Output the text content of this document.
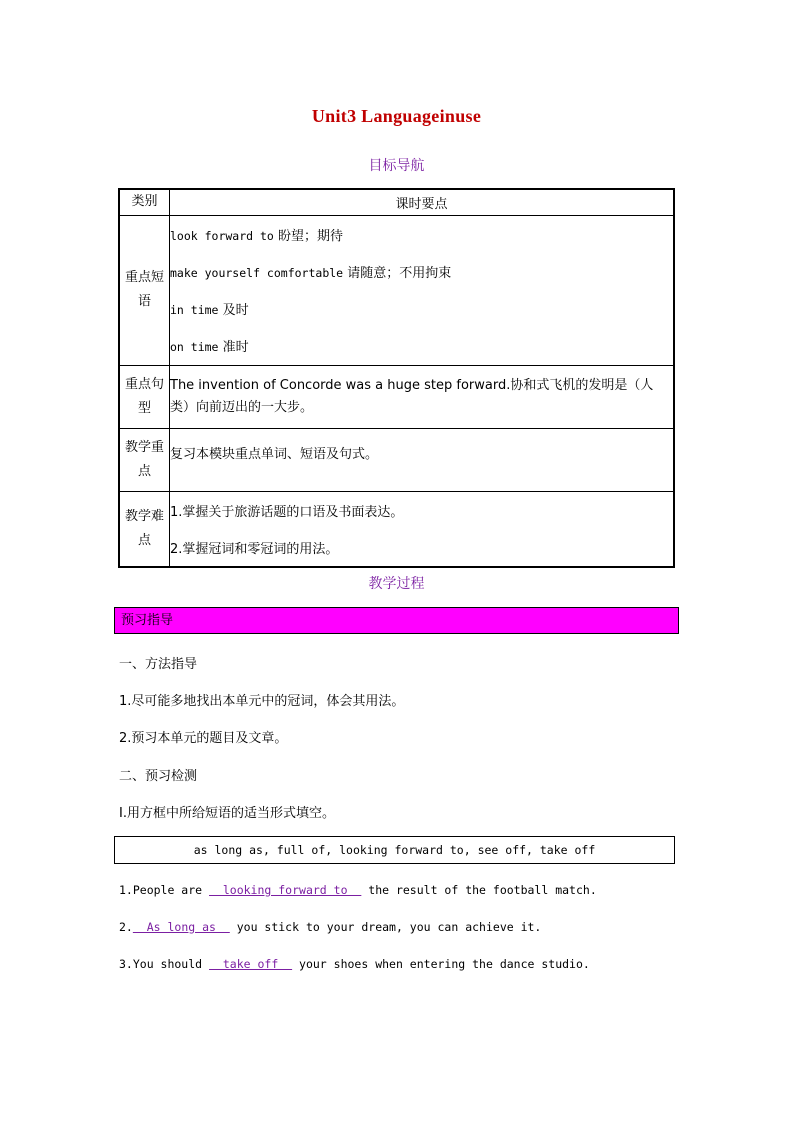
Unit3 Languageinuse
目标导航
类别	课时要点
重点短语	look forward to 盼望；期待
make yourself comfortable 请随意；不用拘束
in time 及时
on time 准时

重点句型	The invention of Concorde was a huge step forward.协和式飞机的发明是（人类）向前迈出的一大步。
教学重点	复习本模块重点单词、短语及句式。
教学难点	1.掌握关于旅游话题的口语及书面表达。
2.掌握冠词和零冠词的用法。
教学过程
预习指导
一、方法指导
1.尽可能多地找出本单元中的冠词，体会其用法。
2.预习本单元的题目及文章。
二、预习检测
Ⅰ.用方框中所给短语的适当形式填空。
as long as, full of, looking forward to, see off, take off
1.People are   looking forward to   the result of the football match.
2.  As long as   you stick to your dream, you can achieve it.
3.You should   take off   your shoes when entering the dance studio.
